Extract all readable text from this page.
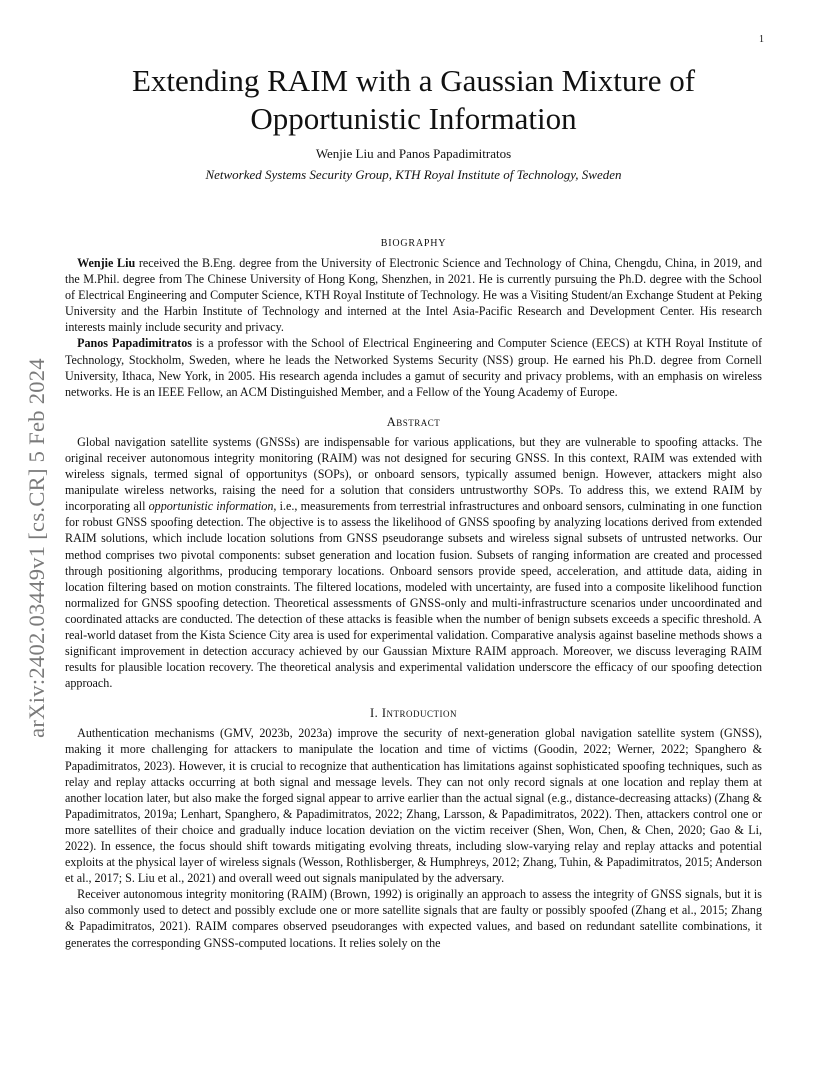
1
arXiv:2402.03449v1 [cs.CR] 5 Feb 2024
Extending RAIM with a Gaussian Mixture of Opportunistic Information
Wenjie Liu and Panos Papadimitratos
Networked Systems Security Group, KTH Royal Institute of Technology, Sweden
BIOGRAPHY

Wenjie Liu received the B.Eng. degree from the University of Electronic Science and Technology of China, Chengdu, China, in 2019, and the M.Phil. degree from The Chinese University of Hong Kong, Shenzhen, in 2021. He is currently pursuing the Ph.D. degree with the School of Electrical Engineering and Computer Science, KTH Royal Institute of Technology. He was a Visiting Student/an Exchange Student at Peking University and the Harbin Institute of Technology and interned at the Intel Asia-Pacific Research and Development Center. His research interests mainly include security and privacy.

Panos Papadimitratos is a professor with the School of Electrical Engineering and Computer Science (EECS) at KTH Royal Institute of Technology, Stockholm, Sweden, where he leads the Networked Systems Security (NSS) group. He earned his Ph.D. degree from Cornell University, Ithaca, New York, in 2005. His research agenda includes a gamut of security and privacy problems, with an emphasis on wireless networks. He is an IEEE Fellow, an ACM Distinguished Member, and a Fellow of the Young Academy of Europe.

Abstract

Global navigation satellite systems (GNSSs) are indispensable for various applications, but they are vulnerable to spoofing attacks. The original receiver autonomous integrity monitoring (RAIM) was not designed for securing GNSS. In this context, RAIM was extended with wireless signals, termed signal of opportunitys (SOPs), or onboard sensors, typically assumed benign. However, attackers might also manipulate wireless networks, raising the need for a solution that considers untrustworthy SOPs. To address this, we extend RAIM by incorporating all opportunistic information, i.e., measurements from terrestrial infrastructures and onboard sensors, culminating in one function for robust GNSS spoofing detection. The objective is to assess the likelihood of GNSS spoofing by analyzing locations derived from extended RAIM solutions, which include location solutions from GNSS pseudorange subsets and wireless signal subsets of untrusted networks. Our method comprises two pivotal components: subset generation and location fusion. Subsets of ranging information are created and processed through positioning algorithms, producing temporary locations. Onboard sensors provide speed, acceleration, and attitude data, aiding in location filtering based on motion constraints. The filtered locations, modeled with uncertainty, are fused into a composite likelihood function normalized for GNSS spoofing detection. Theoretical assessments of GNSS-only and multi-infrastructure scenarios under uncoordinated and coordinated attacks are conducted. The detection of these attacks is feasible when the number of benign subsets exceeds a specific threshold. A real-world dataset from the Kista Science City area is used for experimental validation. Comparative analysis against baseline methods shows a significant improvement in detection accuracy achieved by our Gaussian Mixture RAIM approach. Moreover, we discuss leveraging RAIM results for plausible location recovery. The theoretical analysis and experimental validation underscore the efficacy of our spoofing detection approach.

I. Introduction

Authentication mechanisms (GMV, 2023b, 2023a) improve the security of next-generation global navigation satellite system (GNSS), making it more challenging for attackers to manipulate the location and time of victims (Goodin, 2022; Werner, 2022; Spanghero & Papadimitratos, 2023). However, it is crucial to recognize that authentication has limitations against sophisticated spoofing techniques, such as relay and replay attacks occurring at both signal and message levels. They can not only record signals at one location and replay them at another location later, but also make the forged signal appear to arrive earlier than the actual signal (e.g., distance-decreasing attacks) (Zhang & Papadimitratos, 2019a; Lenhart, Spanghero, & Papadimitratos, 2022; Zhang, Larsson, & Papadimitratos, 2022). Then, attackers control one or more satellites of their choice and gradually induce location deviation on the victim receiver (Shen, Won, Chen, & Chen, 2020; Gao & Li, 2022). In essence, the focus should shift towards mitigating evolving threats, including slow-varying relay and replay attacks and potential exploits at the physical layer of wireless signals (Wesson, Rothlisberger, & Humphreys, 2012; Zhang, Tuhin, & Papadimitratos, 2015; Anderson et al., 2017; S. Liu et al., 2021) and overall weed out signals manipulated by the adversary.

Receiver autonomous integrity monitoring (RAIM) (Brown, 1992) is originally an approach to assess the integrity of GNSS signals, but it is also commonly used to detect and possibly exclude one or more satellite signals that are faulty or possibly spoofed (Zhang et al., 2015; Zhang & Papadimitratos, 2021). RAIM compares observed pseudoranges with expected values, and based on redundant satellite combinations, it generates the corresponding GNSS-computed locations. It relies solely on the
